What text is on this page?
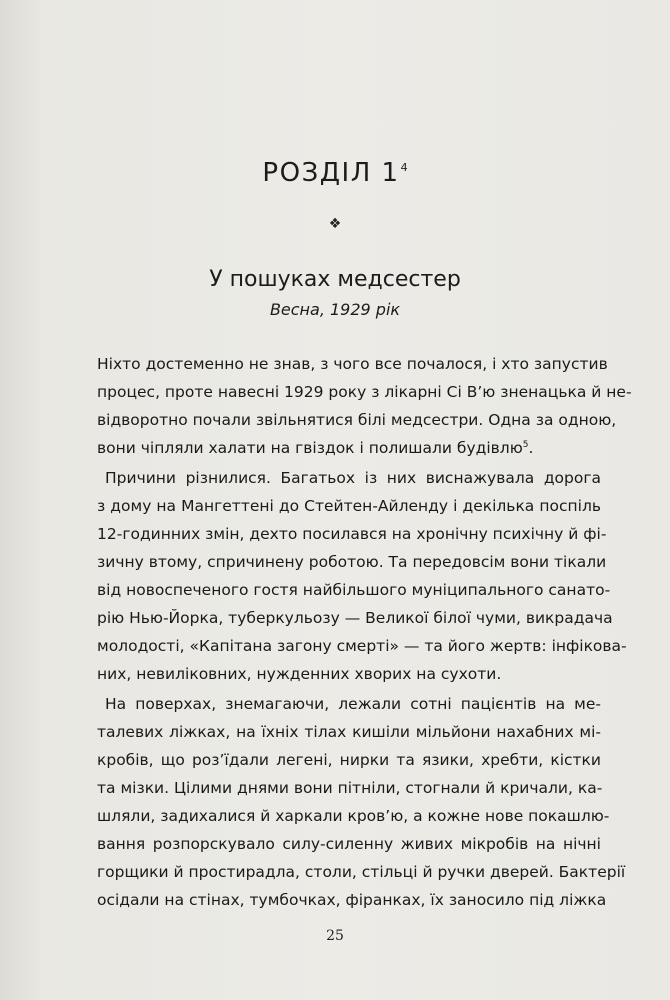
РОЗДІЛ $1^4$
❖
У пошуках медсестер
Весна, 1929 рік
Ніхто достеменно не знав, з чого все почалося, і хто запустив
процес, проте навесні 1929 року з лікарні Сі В’ю зненацька й не-
відворотно почали звільнятися білі медсестри. Одна за одною,
вони чіпляли халати на гвіздок і полишали будівлю$^5$.
Причини різнилися. Багатьох із них виснажувала дорога
з дому на Мангеттені до Стейтен-Айленду і декілька поспіль
12-годинних змін, дехто посилався на хронічну психічну й фі-
зичну втому, спричинену роботою. Та передовсім вони тікали
від новоспеченого гостя найбільшого муніципального санато-
рію Нью-Йорка, туберкульозу — Великої білої чуми, викрадача
молодості, «Капітана загону смерті» — та його жертв: інфікова-
них, невиліковних, нужденних хворих на сухоти.
На поверхах, знемагаючи, лежали сотні пацієнтів на ме-
талевих ліжках, на їхніх тілах кишіли мільйони нахабних мі-
кробів, що роз’їдали легені, нирки та язики, хребти, кістки
та мізки. Цілими днями вони пітніли, стогнали й кричали, ка-
шляли, задихалися й харкали кров’ю, а кожне нове покашлю-
вання розпорскувало силу-силенну живих мікробів на нічні
горщики й простирадла, столи, стільці й ручки дверей. Бактерії
осідали на стінах, тумбочках, фіранках, їх заносило під ліжка
25
